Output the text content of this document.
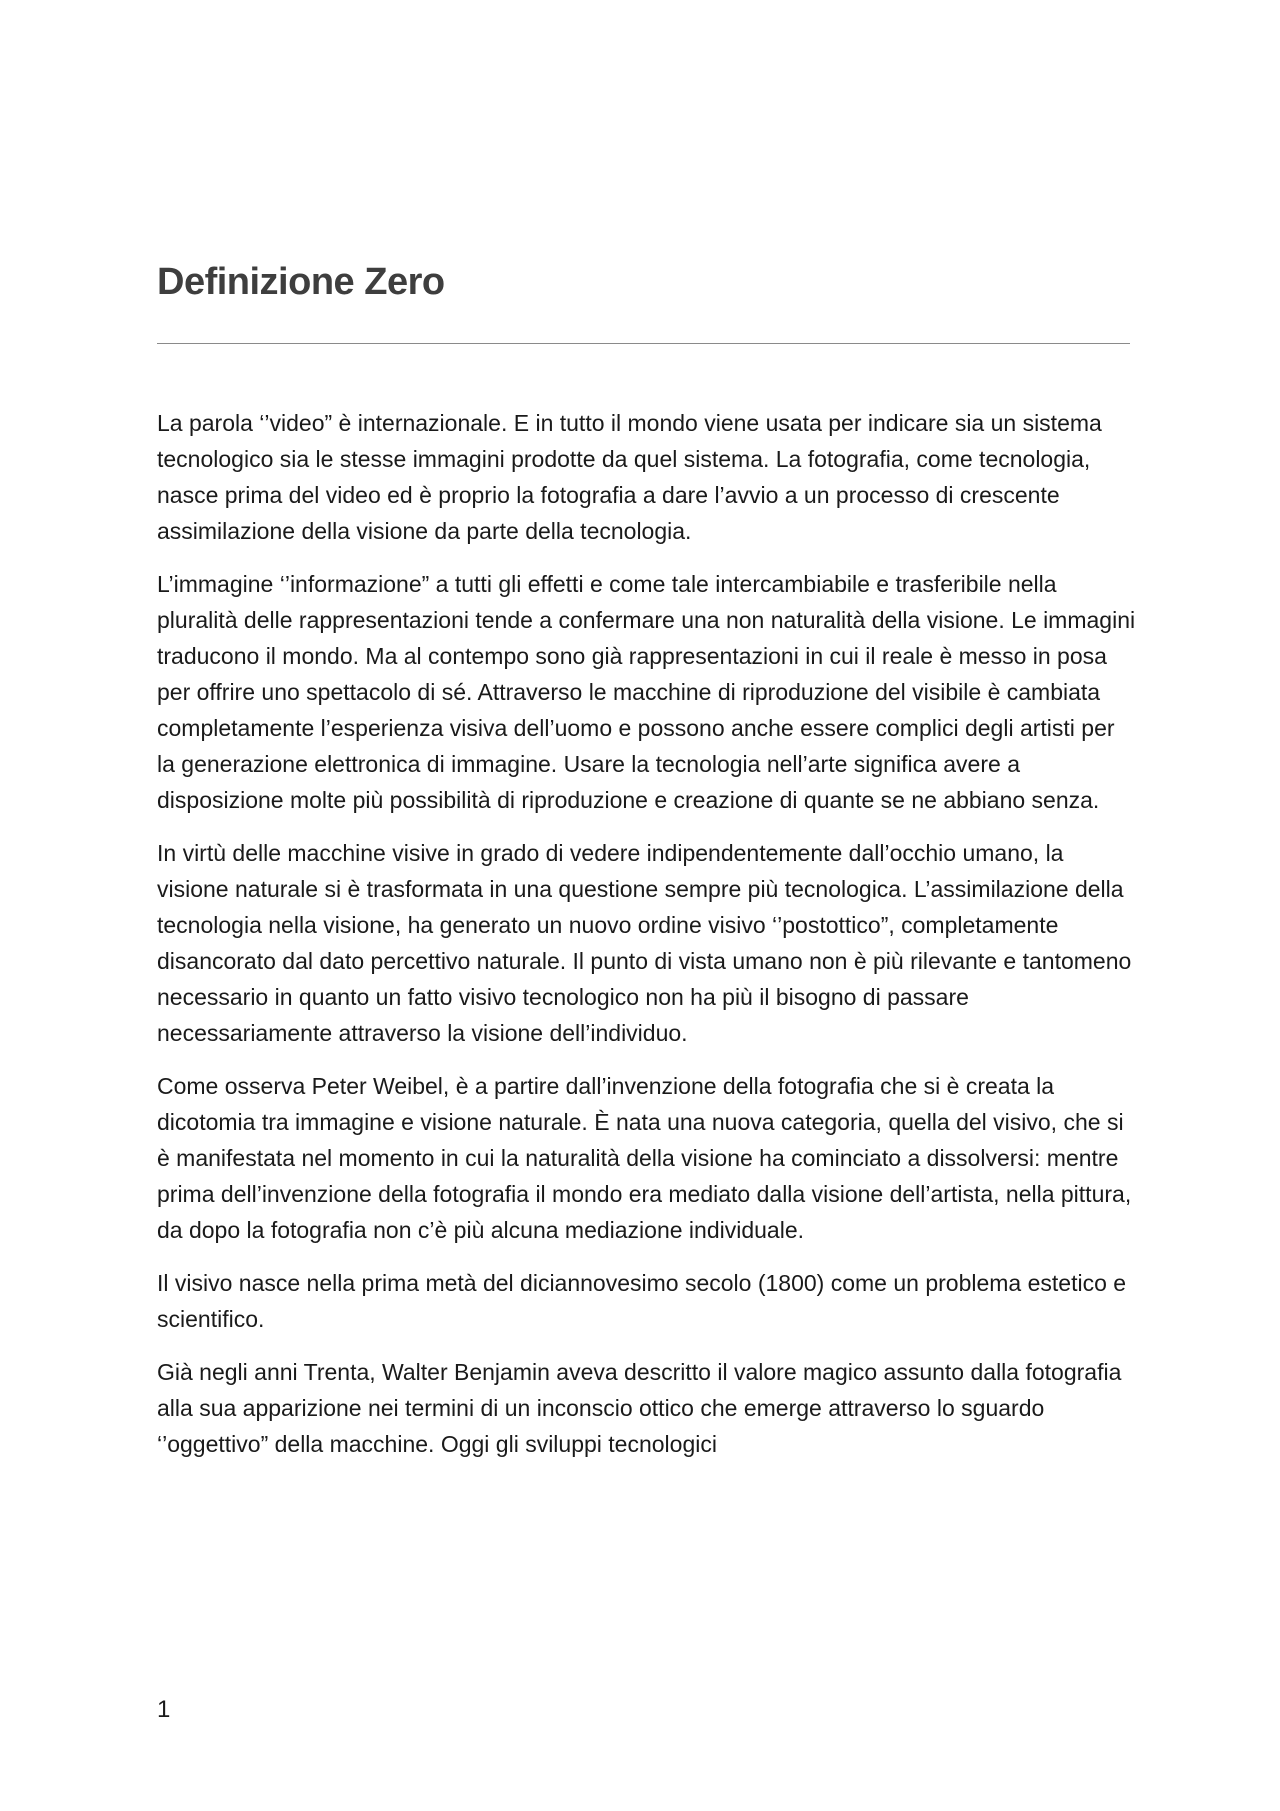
Definizione Zero

La parola ‘’video” è internazionale. E in tutto il mondo viene usata per indicare sia un sistema tecnologico sia le stesse immagini prodotte da quel sistema. La fotografia, come tecnologia, nasce prima del video ed è proprio la fotografia a dare l’avvio a un processo di crescente assimilazione della visione da parte della tecnologia.

L’immagine ‘’informazione” a tutti gli effetti e come tale intercambiabile e trasferibile nella pluralità delle rappresentazioni tende a confermare una non naturalità della visione. Le immagini traducono il mondo. Ma al contempo sono già rappresentazioni in cui il reale è messo in posa per offrire uno spettacolo di sé. Attraverso le macchine di riproduzione del visibile è cambiata completamente l’esperienza visiva dell’uomo e possono anche essere complici degli artisti per la generazione elettronica di immagine. Usare la tecnologia nell’arte significa avere a disposizione molte più possibilità di riproduzione e creazione di quante se ne abbiano senza.

In virtù delle macchine visive in grado di vedere indipendentemente dall’occhio umano, la visione naturale si è trasformata in una questione sempre più tecnologica. L’assimilazione della tecnologia nella visione, ha generato un nuovo ordine visivo ‘’postottico”, completamente disancorato dal dato percettivo naturale. Il punto di vista umano non è più rilevante e tantomeno necessario in quanto un fatto visivo tecnologico non ha più il bisogno di passare necessariamente attraverso la visione dell’individuo.

Come osserva Peter Weibel, è a partire dall’invenzione della fotografia che si è creata la dicotomia tra immagine e visione naturale. È nata una nuova categoria, quella del visivo, che si è manifestata nel momento in cui la naturalità della visione ha cominciato a dissolversi: mentre prima dell’invenzione della fotografia il mondo era mediato dalla visione dell’artista, nella pittura, da dopo la fotografia non c’è più alcuna mediazione individuale.

Il visivo nasce nella prima metà del diciannovesimo secolo (1800) come un problema estetico e scientifico.

Già negli anni Trenta, Walter Benjamin aveva descritto il valore magico assunto dalla fotografia alla sua apparizione nei termini di un inconscio ottico che emerge attraverso lo sguardo ‘’oggettivo” della macchine. Oggi gli sviluppi tecnologici

1
